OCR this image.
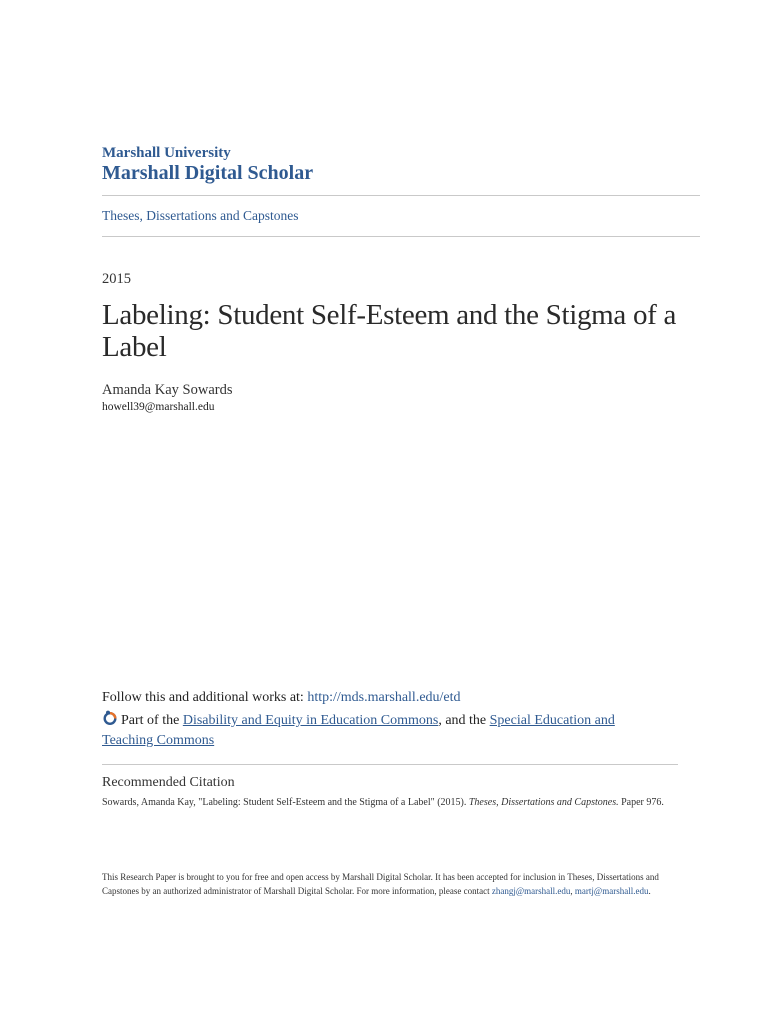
Marshall University
Marshall Digital Scholar
Theses, Dissertations and Capstones
2015
Labeling: Student Self-Esteem and the Stigma of a Label
Amanda Kay Sowards
howell39@marshall.edu
Follow this and additional works at: http://mds.marshall.edu/etd
Part of the Disability and Equity in Education Commons, and the Special Education and Teaching Commons
Recommended Citation
Sowards, Amanda Kay, "Labeling: Student Self-Esteem and the Stigma of a Label" (2015). Theses, Dissertations and Capstones. Paper 976.
This Research Paper is brought to you for free and open access by Marshall Digital Scholar. It has been accepted for inclusion in Theses, Dissertations and Capstones by an authorized administrator of Marshall Digital Scholar. For more information, please contact zhangj@marshall.edu, martj@marshall.edu.
